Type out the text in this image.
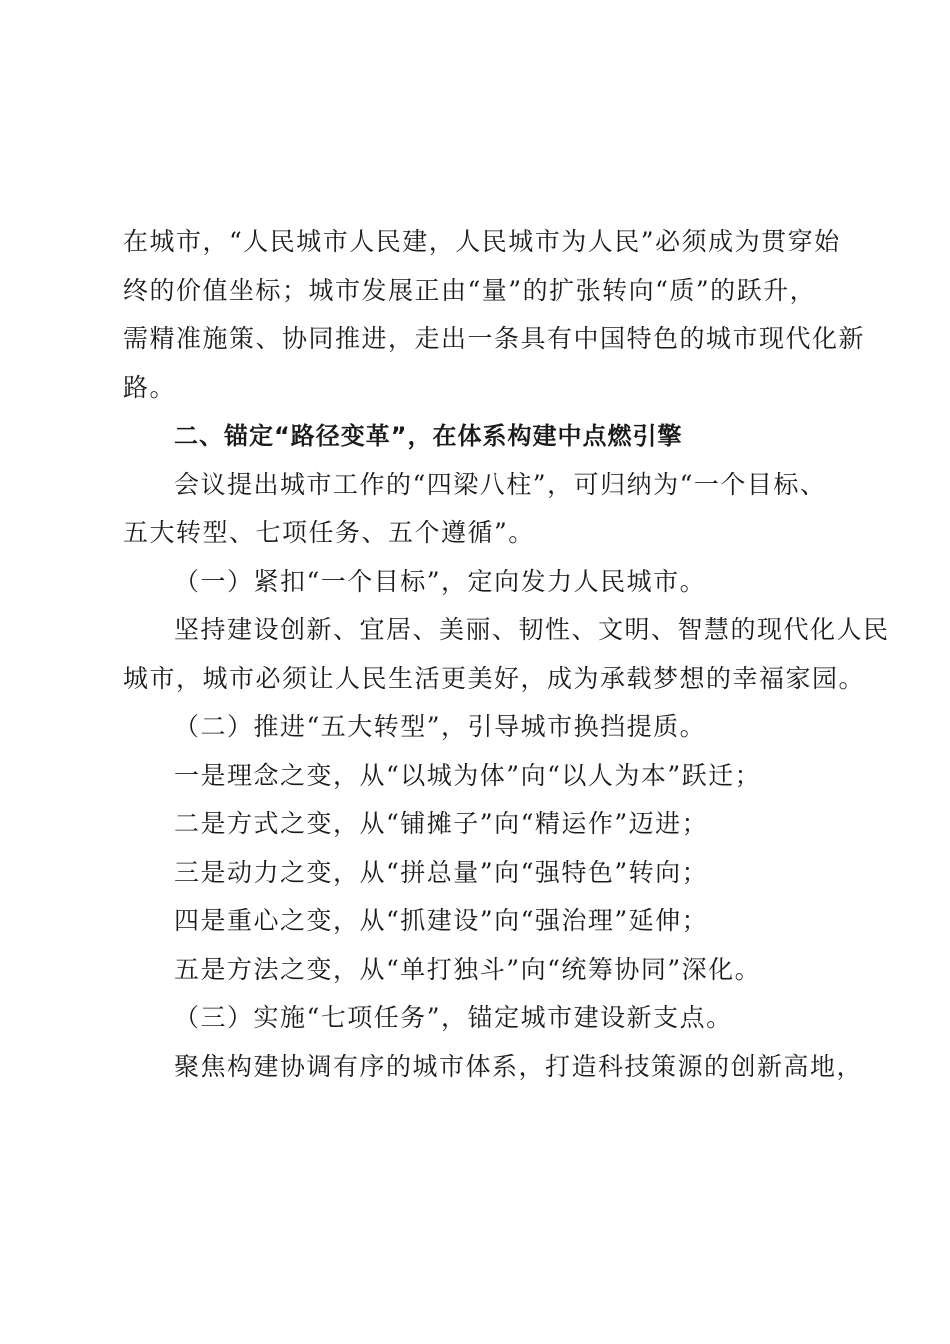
在城市，“人民城市人民建，人民城市为人民”必须成为贯穿始
终的价值坐标；城市发展正由“量”的扩张转向“质”的跃升，
需精准施策、协同推进，走出一条具有中国特色的城市现代化新
路。
二、锚定“路径变革”，在体系构建中点燃引擎
会议提出城市工作的“四梁八柱”，可归纳为“一个目标、
五大转型、七项任务、五个遵循”。
（一）紧扣“一个目标”，定向发力人民城市。
坚持建设创新、宜居、美丽、韧性、文明、智慧的现代化人民
城市，城市必须让人民生活更美好，成为承载梦想的幸福家园。
（二）推进“五大转型”，引导城市换挡提质。
一是理念之变，从“以城为体”向“以人为本”跃迁；
二是方式之变，从“铺摊子”向“精运作”迈进；
三是动力之变，从“拼总量”向“强特色”转向；
四是重心之变，从“抓建设”向“强治理”延伸；
五是方法之变，从“单打独斗”向“统筹协同”深化。
（三）实施“七项任务”，锚定城市建设新支点。
聚焦构建协调有序的城市体系，打造科技策源的创新高地，
